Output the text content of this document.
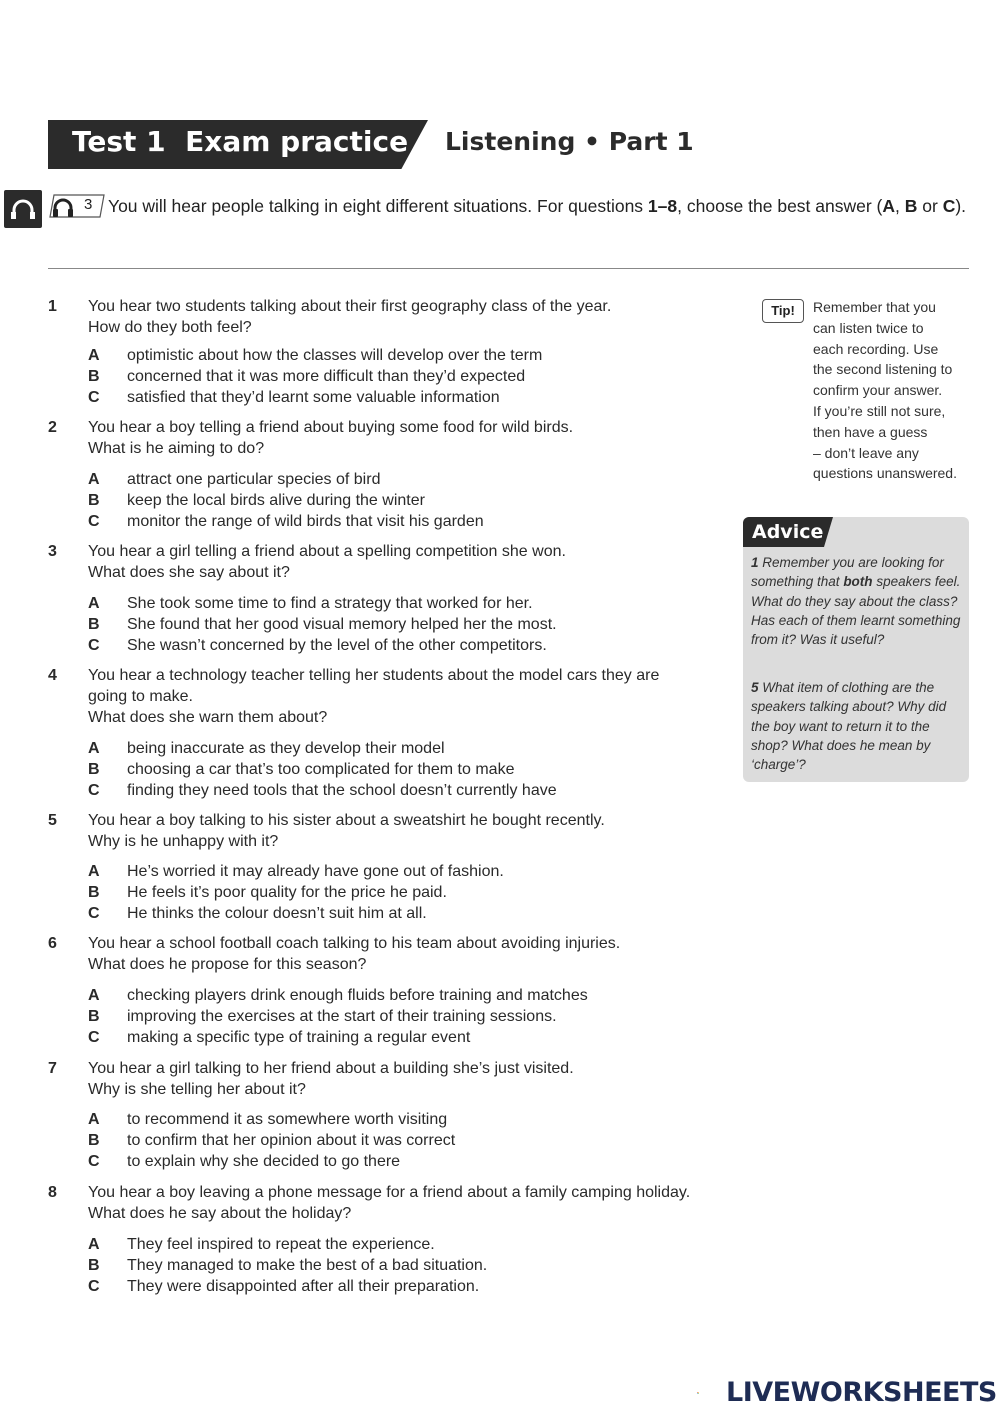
Test 1  Exam practice Listening • Part 1
3 You will hear people talking in eight different situations. For questions 1–8, choose the best answer (A, B or C).
1 You hear two students talking about their first geography class of the year.
How do they both feel?
A optimistic about how the classes will develop over the term
B concerned that it was more difficult than they’d expected
C satisfied that they’d learnt some valuable information
2 You hear a boy telling a friend about buying some food for wild birds.
What is he aiming to do?
A attract one particular species of bird
B keep the local birds alive during the winter
C monitor the range of wild birds that visit his garden
3 You hear a girl telling a friend about a spelling competition she won.
What does she say about it?
A She took some time to find a strategy that worked for her.
B She found that her good visual memory helped her the most.
C She wasn’t concerned by the level of the other competitors.
4 You hear a technology teacher telling her students about the model cars they are
going to make.
What does she warn them about?
A being inaccurate as they develop their model
B choosing a car that’s too complicated for them to make
C finding they need tools that the school doesn’t currently have
5 You hear a boy talking to his sister about a sweatshirt he bought recently.
Why is he unhappy with it?
A He’s worried it may already have gone out of fashion.
B He feels it’s poor quality for the price he paid.
C He thinks the colour doesn’t suit him at all.
6 You hear a school football coach talking to his team about avoiding injuries.
What does he propose for this season?
A checking players drink enough fluids before training and matches
B improving the exercises at the start of their training sessions.
C making a specific type of training a regular event
7 You hear a girl talking to her friend about a building she’s just visited.
Why is she telling her about it?
A to recommend it as somewhere worth visiting
B to confirm that her opinion about it was correct
C to explain why she decided to go there
8 You hear a boy leaving a phone message for a friend about a family camping holiday.
What does he say about the holiday?
A They feel inspired to repeat the experience.
B They managed to make the best of a bad situation.
C They were disappointed after all their preparation.
Tip!	Remember that you
can listen twice to
each recording. Use
the second listening to
confirm your answer.
If you’re still not sure,
then have a guess
– don’t leave any
questions unanswered.
Advice
1 Remember you are looking for something that both speakers feel. What do they say about the class? Has each of them learnt something from it? Was it useful?
5 What item of clothing are the speakers talking about? Why did the boy want to return it to the shop? What does he mean by ‘charge’?
LIVEWORKSHEETS
